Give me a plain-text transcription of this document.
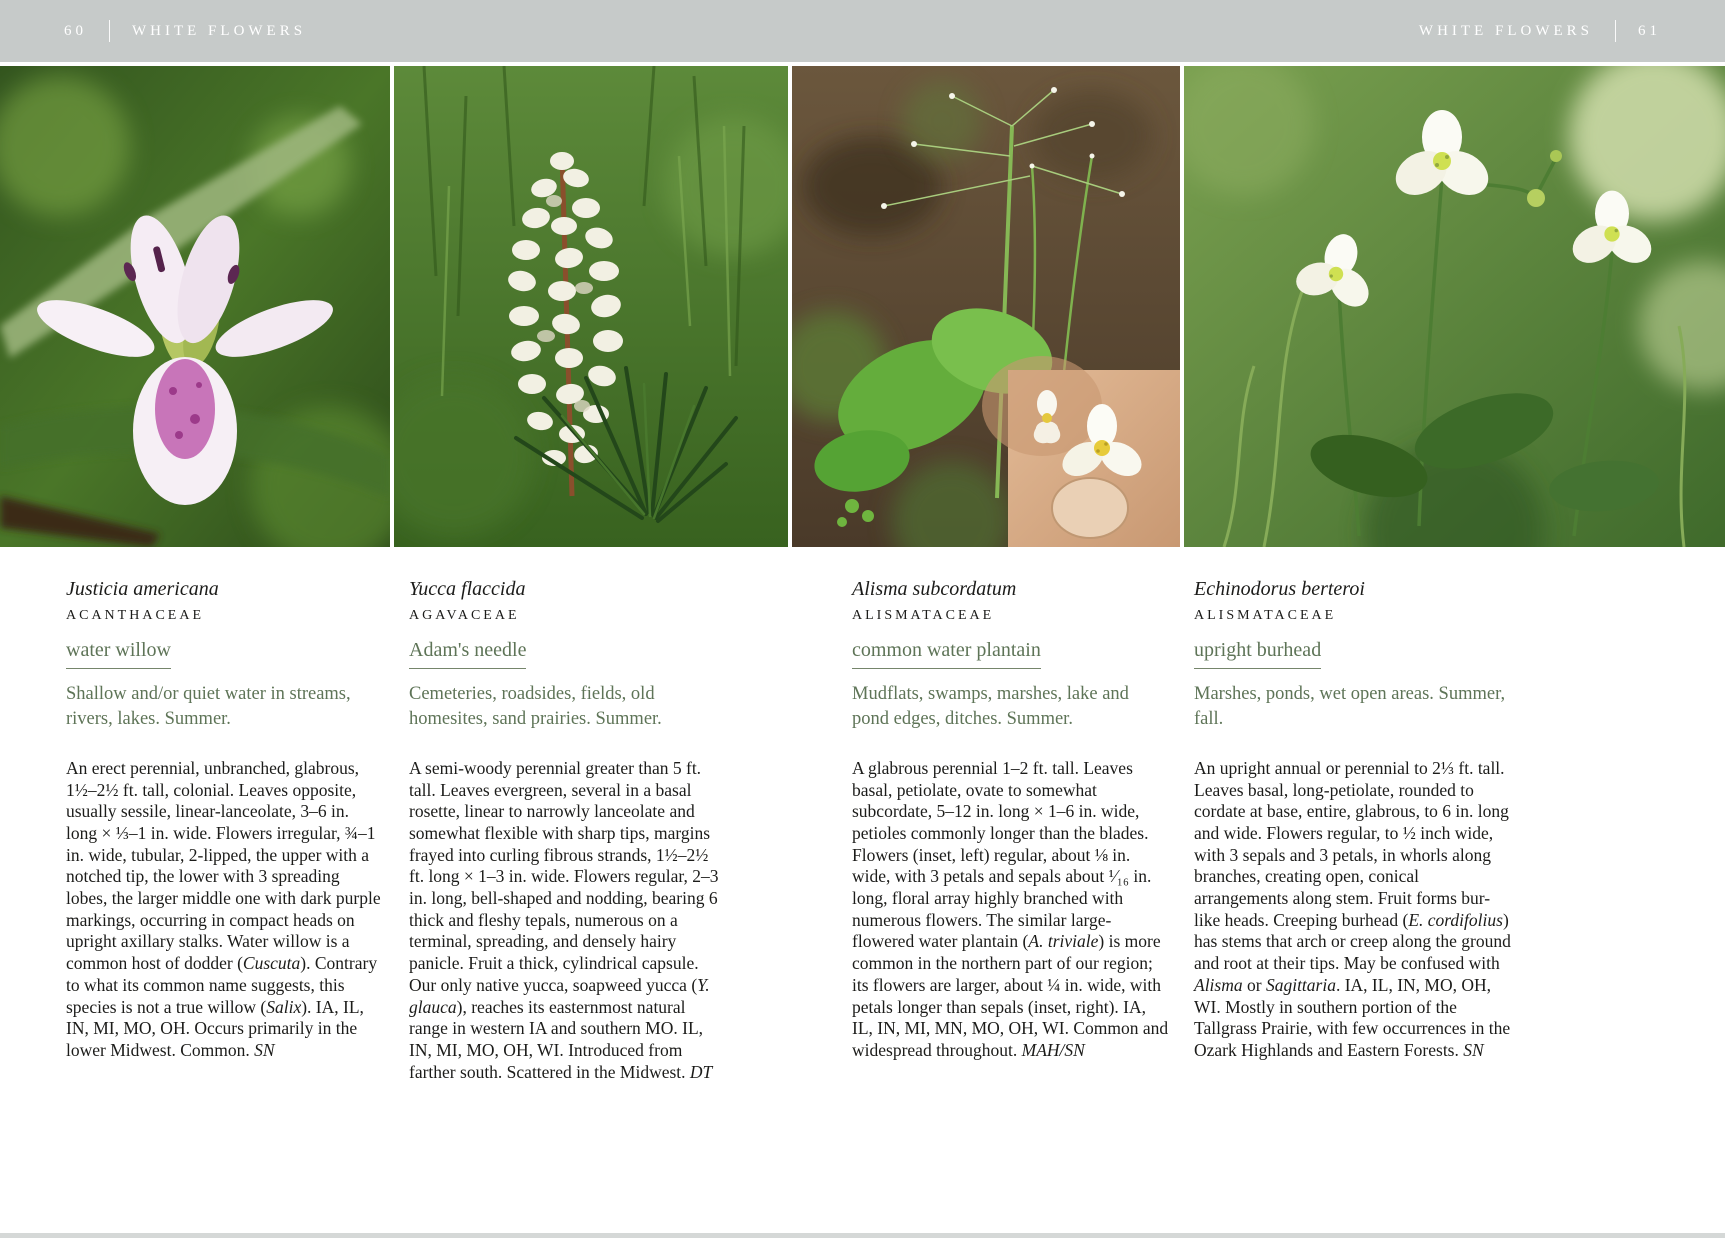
60	WHITE FLOWERS	WHITE FLOWERS	61
Justicia americana
ACANTHACEAE
water willow
Shallow and/or quiet water in streams, rivers, lakes. Summer.
An erect perennial, unbranched, glabrous, 1½–2½ ft. tall, colonial. Leaves opposite, usually sessile, linear-lanceolate, 3–6 in. long × ⅓–1 in. wide. Flowers irregular, ¾–1 in. wide, tubular, 2-lipped, the upper with a notched tip, the lower with 3 spreading lobes, the larger middle one with dark purple markings, occurring in compact heads on upright axillary stalks. Water willow is a common host of dodder (Cuscuta). Contrary to what its common name suggests, this species is not a true willow (Salix). IA, IL, IN, MI, MO, OH. Occurs primarily in the lower Midwest. Common. SN
Yucca flaccida
AGAVACEAE
Adam's needle
Cemeteries, roadsides, fields, old homesites, sand prairies. Summer.
A semi-woody perennial greater than 5 ft. tall. Leaves evergreen, several in a basal rosette, linear to narrowly lanceolate and somewhat flexible with sharp tips, margins frayed into curling fibrous strands, 1½–2½ ft. long × 1–3 in. wide. Flowers regular, 2–3 in. long, bell-shaped and nodding, bearing 6 thick and fleshy tepals, numerous on a terminal, spreading, and densely hairy panicle. Fruit a thick, cylindrical capsule. Our only native yucca, soapweed yucca (Y. glauca), reaches its easternmost natural range in western IA and southern MO. IL, IN, MI, MO, OH, WI. Introduced from farther south. Scattered in the Midwest. DT
Alisma subcordatum
ALISMATACEAE
common water plantain
Mudflats, swamps, marshes, lake and pond edges, ditches. Summer.
A glabrous perennial 1–2 ft. tall. Leaves basal, petiolate, ovate to somewhat subcordate, 5–12 in. long × 1–6 in. wide, petioles commonly longer than the blades. Flowers (inset, left) regular, about ⅛ in. wide, with 3 petals and sepals about ¹⁄₁₆ in. long, floral array highly branched with numerous flowers. The similar large-flowered water plantain (A. triviale) is more common in the northern part of our region; its flowers are larger, about ¼ in. wide, with petals longer than sepals (inset, right). IA, IL, IN, MI, MN, MO, OH, WI. Common and widespread throughout. MAH/SN
Echinodorus berteroi
ALISMATACEAE
upright burhead
Marshes, ponds, wet open areas. Summer, fall.
An upright annual or perennial to 2⅓ ft. tall. Leaves basal, long-petiolate, rounded to cordate at base, entire, glabrous, to 6 in. long and wide. Flowers regular, to ½ inch wide, with 3 sepals and 3 petals, in whorls along branches, creating open, conical arrangements along stem. Fruit forms bur-like heads. Creeping burhead (E. cordifolius) has stems that arch or creep along the ground and root at their tips. May be confused with Alisma or Sagittaria. IA, IL, IN, MO, OH, WI. Mostly in southern portion of the Tallgrass Prairie, with few occurrences in the Ozark Highlands and Eastern Forests. SN
